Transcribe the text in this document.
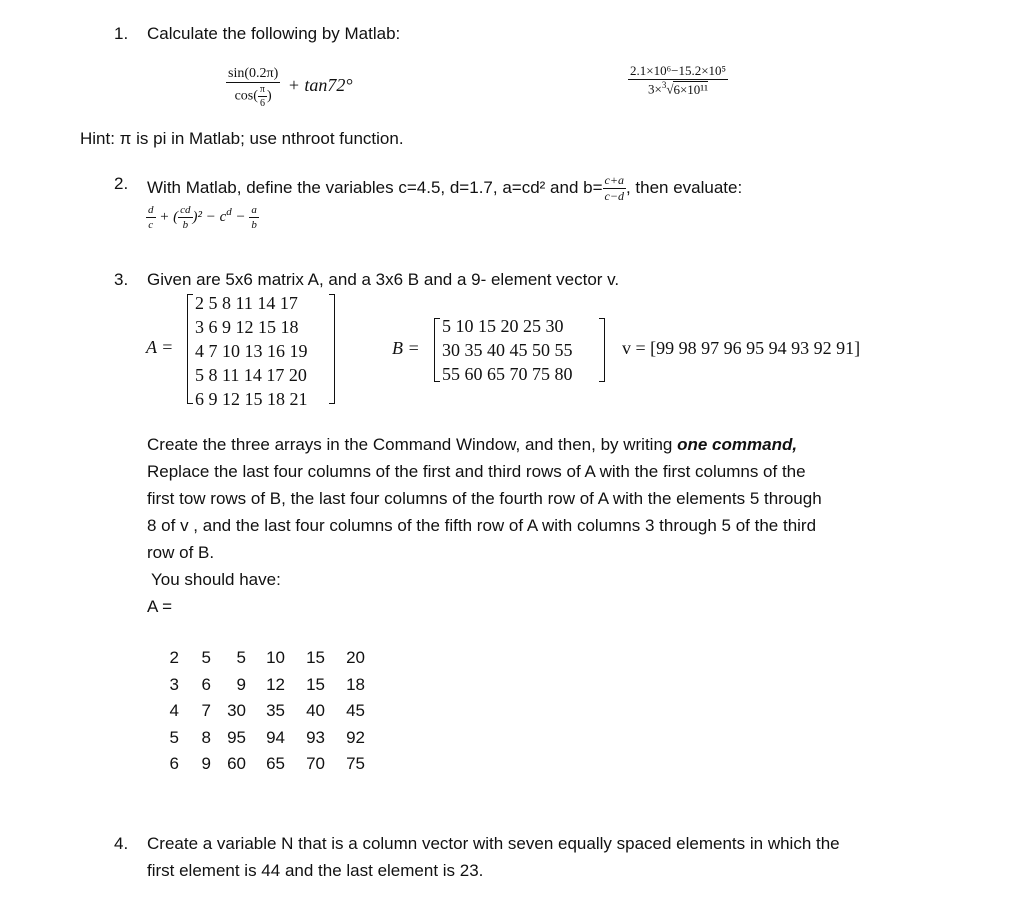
1. Calculate the following by Matlab:
$\frac{\sin(0.2\pi)}{\cos( \frac{\pi}{6} )} + \tan 72^\circ$	$\frac{\text{2.1×10⁶−15.2×10⁵}}{3\times^3√6\times 10^{11}}$
Hint: π is pi in Matlab; use nthroot function.
2. With Matlab, define the variables c=4.5, d=1.7, a=cd² and $b= \frac{c+a}{c-d}$ , then evaluate:
$\frac{d}{c}$ + ( $\frac{cd}{b} )^2 - c^d - \frac{a}{b}$
3. Given are 5x6 matrix A, and a 3x6 B and a 9- element vector v.
A =
2 5 8 11 14 17
3 6 9 12 15 18
4 7 10 13 16 19
5 8 11 14 17 20
6 9 12 15 18 21
B =
5 10 15 20 25 30
30 35 40 45 50 55
55 60 65 70 75 80
v = [99 98 97 96 95 94 93 92 91]
Create the three arrays in the Command Window, and then, by writing one command,
Replace the last four columns of the first and third rows of A with the first columns of the
first tow rows of B, the last four columns of the fourth row of A with the elements 5 through
8 of v , and the last four columns of the fifth row of A with columns 3 through 5 of the third
row of B.
You should have:
A =
2	5	5	10	15	20
3	6	9	12	15	18
4	7 30	35	40	45
5	8 95	94	93	92
6	9 60	65	70	75
4. Create a variable N that is a column vector with seven equally spaced elements in which the
first element is 44 and the last element is 23.
